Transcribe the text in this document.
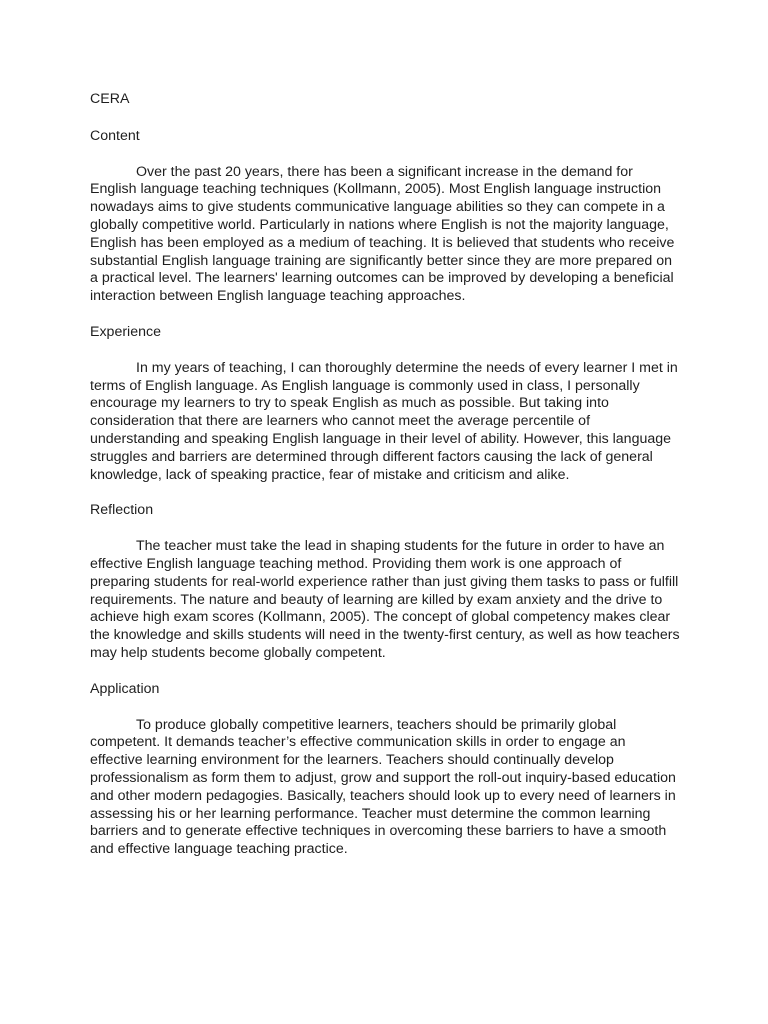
CERA
Content

Over the past 20 years, there has been a significant increase in the demand for English language teaching techniques (Kollmann, 2005). Most English language instruction nowadays aims to give students communicative language abilities so they can compete in a globally competitive world. Particularly in nations where English is not the majority language, English has been employed as a medium of teaching. It is believed that students who receive substantial English language training are significantly better since they are more prepared on a practical level. The learners' learning outcomes can be improved by developing a beneficial interaction between English language teaching approaches.

Experience

In my years of teaching, I can thoroughly determine the needs of every learner I met in terms of English language. As English language is commonly used in class, I personally encourage my learners to try to speak English as much as possible. But taking into consideration that there are learners who cannot meet the average percentile of understanding and speaking English language in their level of ability. However, this language struggles and barriers are determined through different factors causing the lack of general knowledge, lack of speaking practice, fear of mistake and criticism and alike.

Reflection

The teacher must take the lead in shaping students for the future in order to have an effective English language teaching method. Providing them work is one approach of preparing students for real-world experience rather than just giving them tasks to pass or fulfill requirements. The nature and beauty of learning are killed by exam anxiety and the drive to achieve high exam scores (Kollmann, 2005). The concept of global competency makes clear the knowledge and skills students will need in the twenty-first century, as well as how teachers may help students become globally competent.

Application

To produce globally competitive learners, teachers should be primarily global competent. It demands teacher’s effective communication skills in order to engage an effective learning environment for the learners. Teachers should continually develop professionalism as form them to adjust, grow and support the roll-out inquiry-based education and other modern pedagogies. Basically, teachers should look up to every need of learners in assessing his or her learning performance. Teacher must determine the common learning barriers and to generate effective techniques in overcoming these barriers to have a smooth and effective language teaching practice.
